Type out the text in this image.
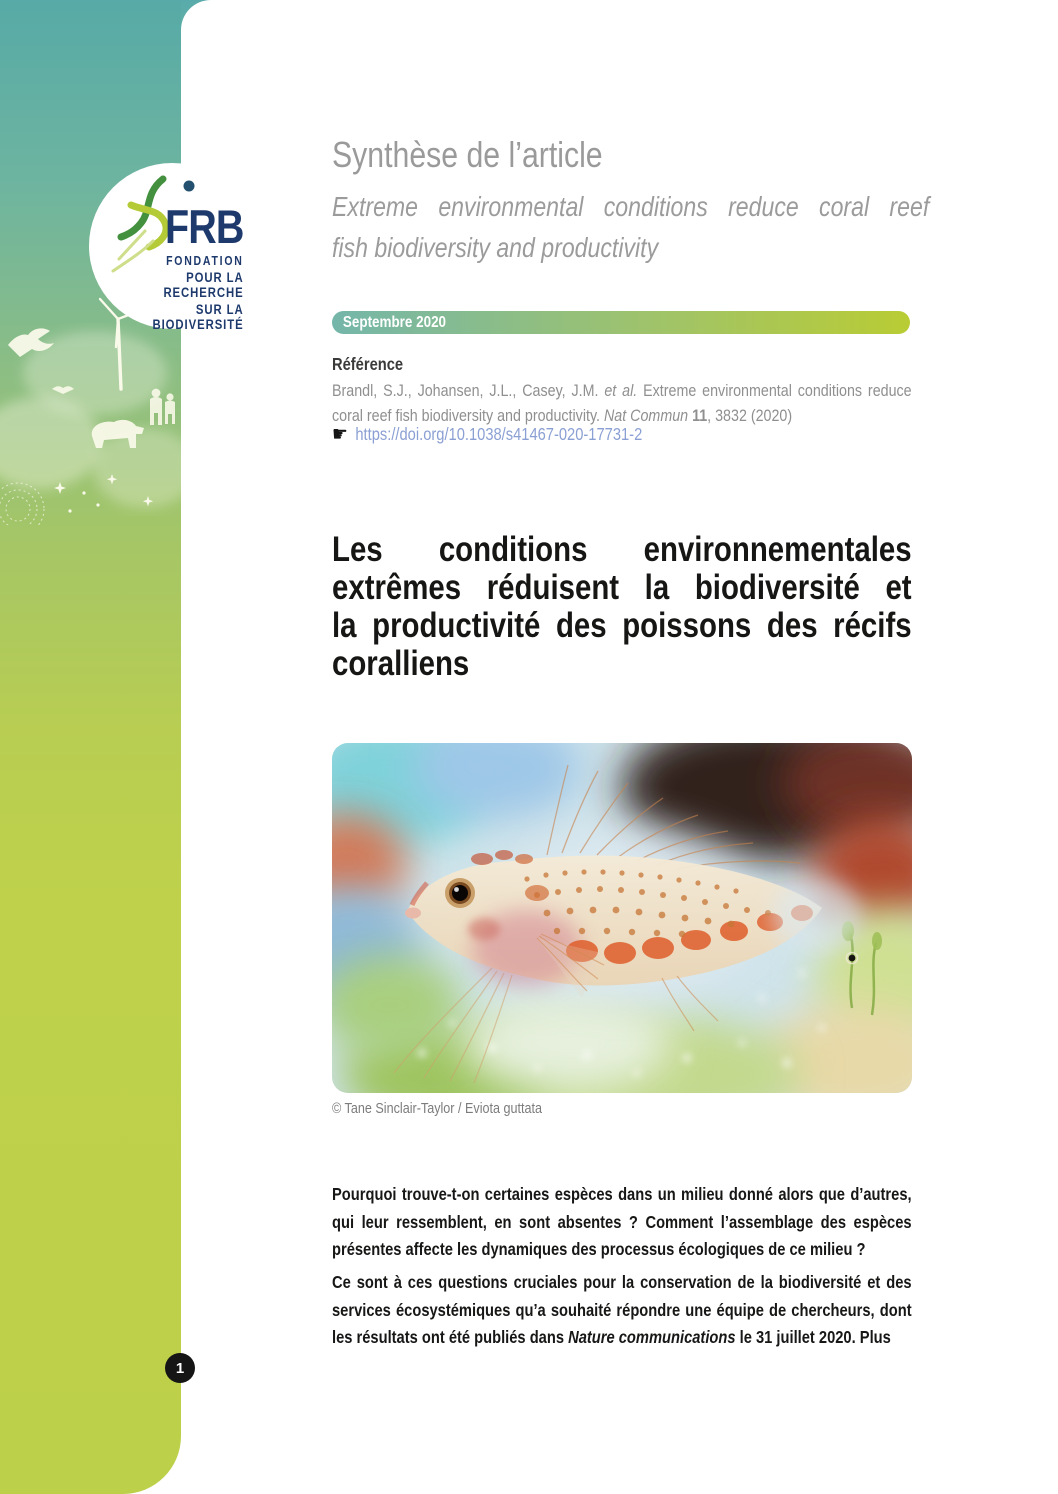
FRB
FONDATION
POUR LA RECHERCHE
SUR LA BIODIVERSITÉ
Synthèse de l’article
Extreme environmental conditions reduce coral reef
fish biodiversity and productivity
Septembre 2020
Référence
Brandl, S.J., Johansen, J.L., Casey, J.M. et al. Extreme environmental conditions reduce coral reef fish biodiversity and productivity. Nat Commun 11, 3832 (2020)
☛ https://doi.org/10.1038/s41467-020-17731-2
Les conditions environnementales
extrêmes réduisent la biodiversité et
la productivité des poissons des récifs
coralliens
© Tane Sinclair-Taylor / Eviota guttata
Pourquoi trouve-t-on certaines espèces dans un milieu donné alors que d’autres, qui leur ressemblent, en sont absentes ? Comment l’assemblage des espèces présentes affecte les dynamiques des processus écologiques de ce milieu ?
Ce sont à ces questions cruciales pour la conservation de la biodiversité et des services écosystémiques qu’a souhaité répondre une équipe de chercheurs, dont les résultats ont été publiés dans Nature communications le 31 juillet 2020. Plus
1
